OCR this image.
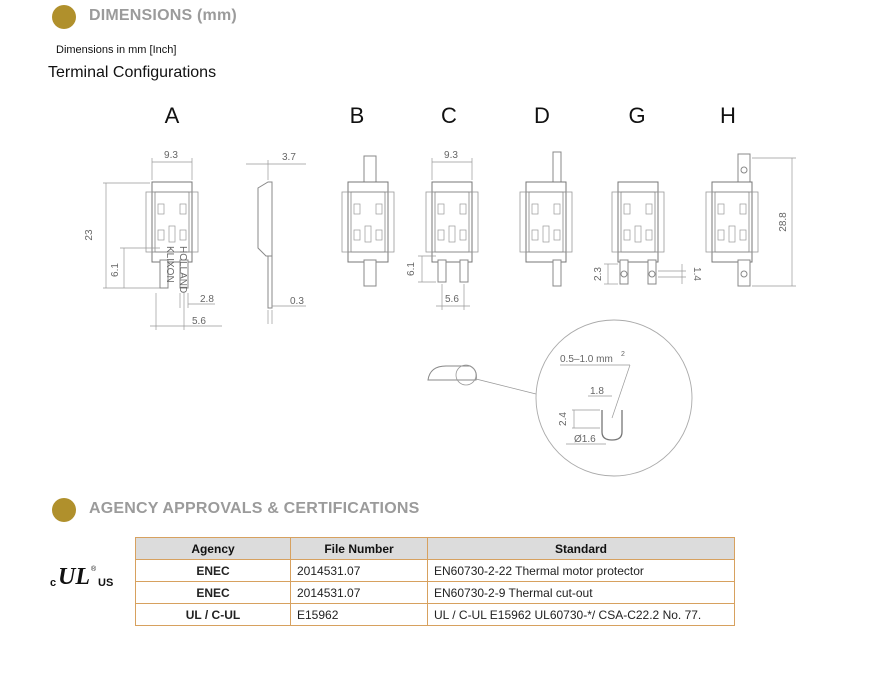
DIMENSIONS (mm)
Dimensions in mm [Inch]
Terminal Configurations
A	B	C	D	G	H
KLIXON HOLLAND
9.3
23
6.1
2.8
5.6
3.7
0.3
9.3
6.1
5.6
2.3	1.4
28.8
0.5–1.0 mm 2
1.8
2.4
Ø1.6
AGENCY APPROVALS & CERTIFICATIONS
c UL ®
US
Agency	File Number	Standard
ENEC	2014531.07	EN60730-2-22 Thermal motor protector
ENEC	2014531.07	EN60730-2-9 Thermal cut-out
UL / C-UL	E15962	UL / C-UL E15962 UL60730-*/ CSA-C22.2 No. 77.
